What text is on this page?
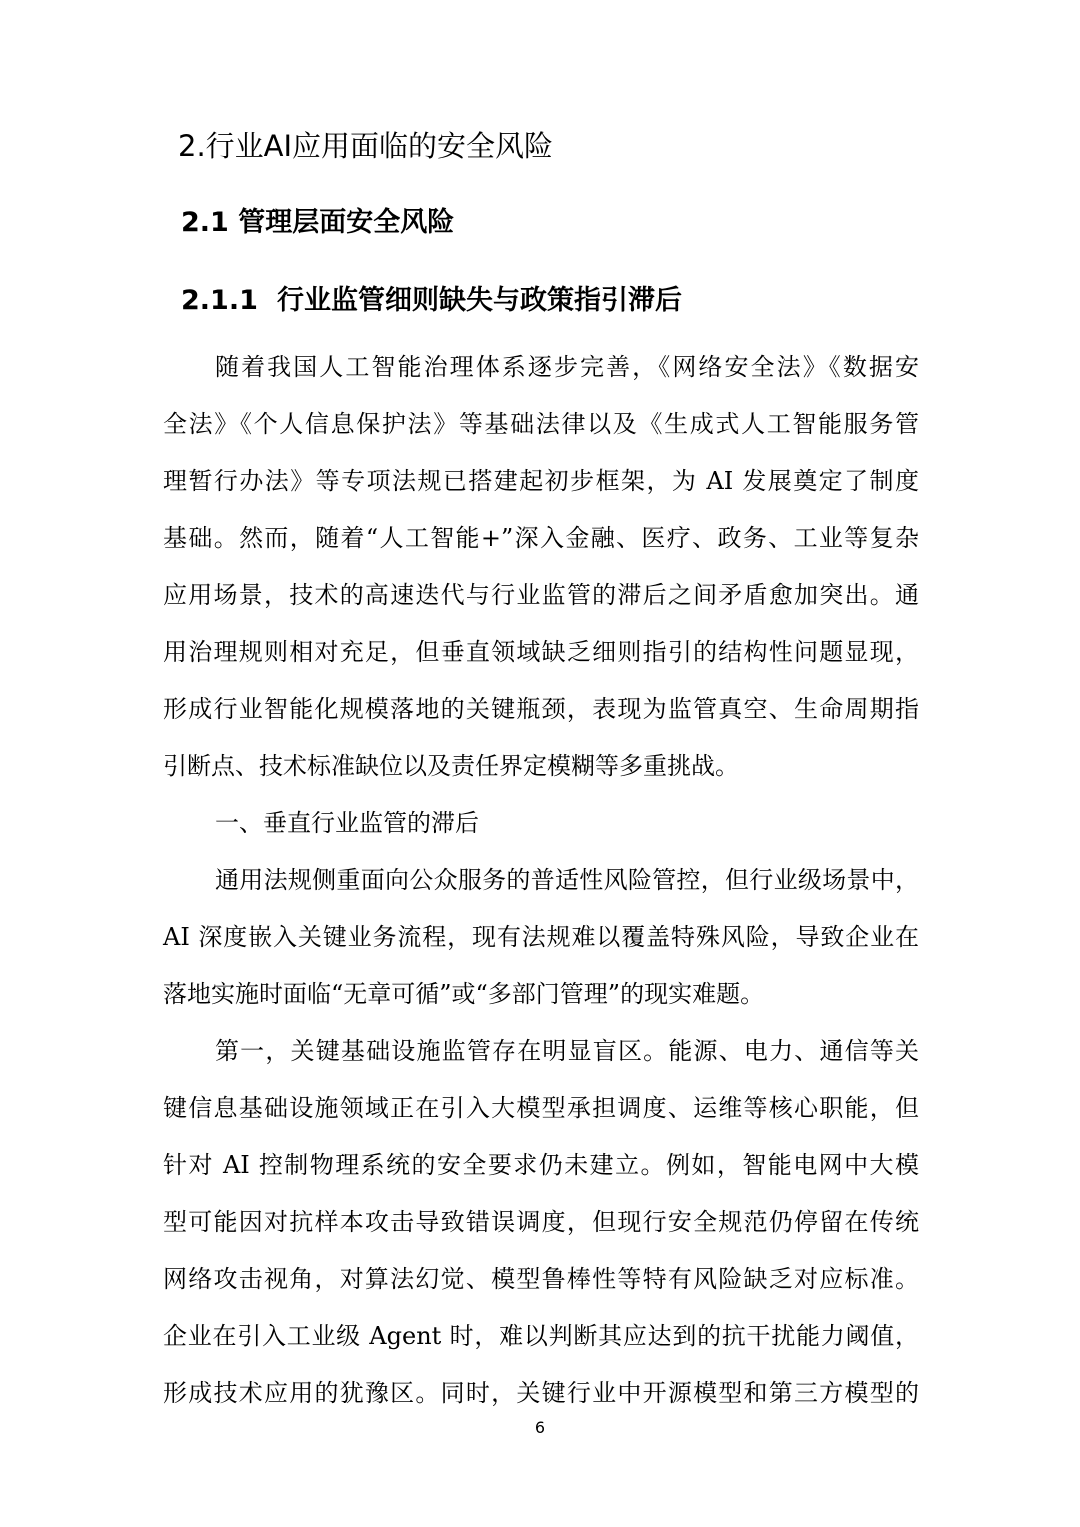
2.行业AI应用面临的安全风险
2.1 管理层面安全风险
2.1.1 行业监管细则缺失与政策指引滞后
随着我国人工智能治理体系逐步完善，《网络安全法》《数据安
全法》《个人信息保护法》等基础法律以及《生成式人工智能服务管
理暂行办法》等专项法规已搭建起初步框架，为 AI 发展奠定了制度
基础。然而，随着“人工智能+”深入金融、医疗、政务、工业等复杂
应用场景，技术的高速迭代与行业监管的滞后之间矛盾愈加突出。通
用治理规则相对充足，但垂直领域缺乏细则指引的结构性问题显现，
形成行业智能化规模落地的关键瓶颈，表现为监管真空、生命周期指
引断点、技术标准缺位以及责任界定模糊等多重挑战。
一、垂直行业监管的滞后
通用法规侧重面向公众服务的普适性风险管控，但行业级场景中，
AI 深度嵌入关键业务流程，现有法规难以覆盖特殊风险，导致企业在
落地实施时面临“无章可循”或“多部门管理”的现实难题。
第一，关键基础设施监管存在明显盲区。能源、电力、通信等关
键信息基础设施领域正在引入大模型承担调度、运维等核心职能，但
针对 AI 控制物理系统的安全要求仍未建立。例如，智能电网中大模
型可能因对抗样本攻击导致错误调度，但现行安全规范仍停留在传统
网络攻击视角，对算法幻觉、模型鲁棒性等特有风险缺乏对应标准。
企业在引入工业级 Agent 时，难以判断其应达到的抗干扰能力阈值，
形成技术应用的犹豫区。同时，关键行业中开源模型和第三方模型的
6
